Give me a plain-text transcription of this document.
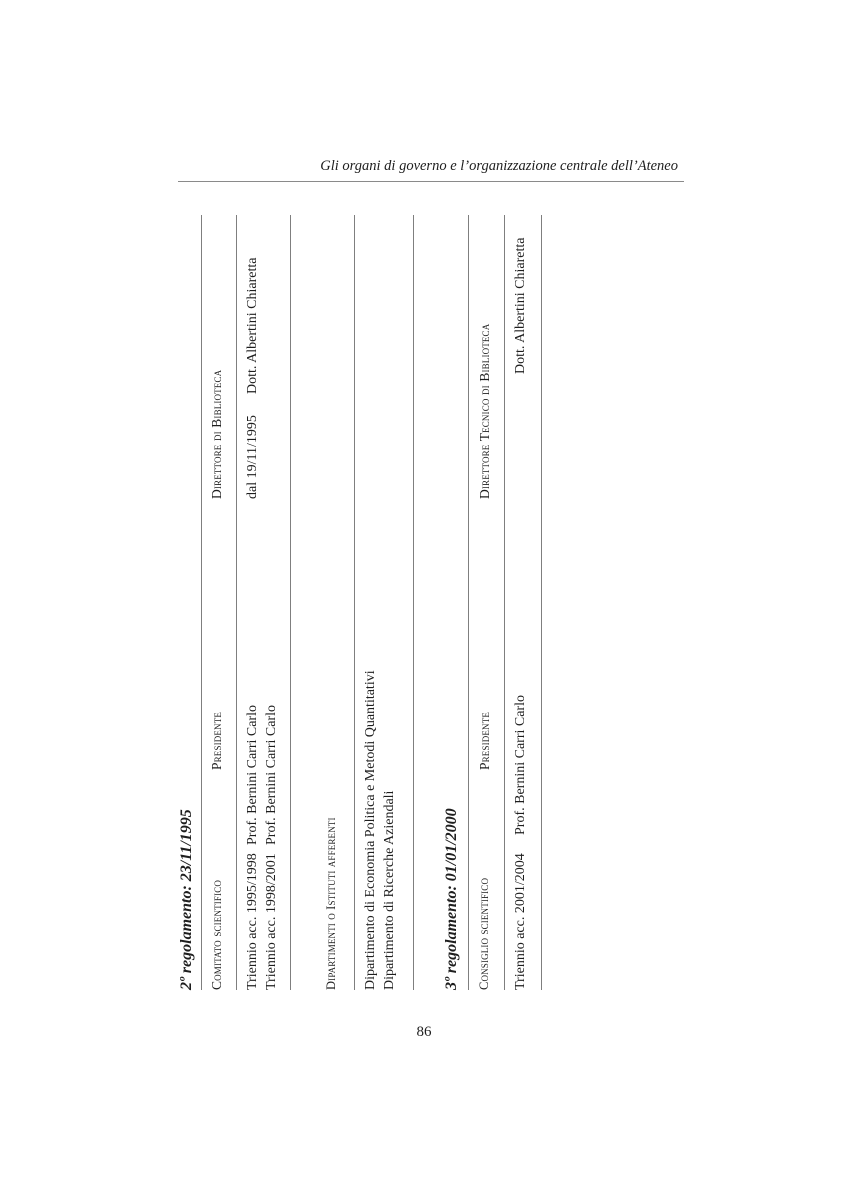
Gli organi di governo e l’organizzazione centrale dell’Ateneo
2º regolamento: 23/11/1995 Comitato scientifico
Presidente
Direttore di Biblioteca
Triennio acc. 1995/1998
Prof. Bernini Carri Carlo
dal 19/11/1995
Dott. Albertini Chiaretta
Triennio acc. 1998/2001
Prof. Bernini Carri Carlo
Dipartimenti o Istituti afferenti Dipartimento di Economia Politica e Metodi Quantitativi Dipartimento di Ricerche Aziendali	3º regolamento: 01/01/2000 Consiglio scientifico
Presidente
Direttore Tecnico di Biblioteca
Triennio acc. 2001/2004
Prof. Bernini Carri Carlo
Dott. Albertini Chiaretta
86
